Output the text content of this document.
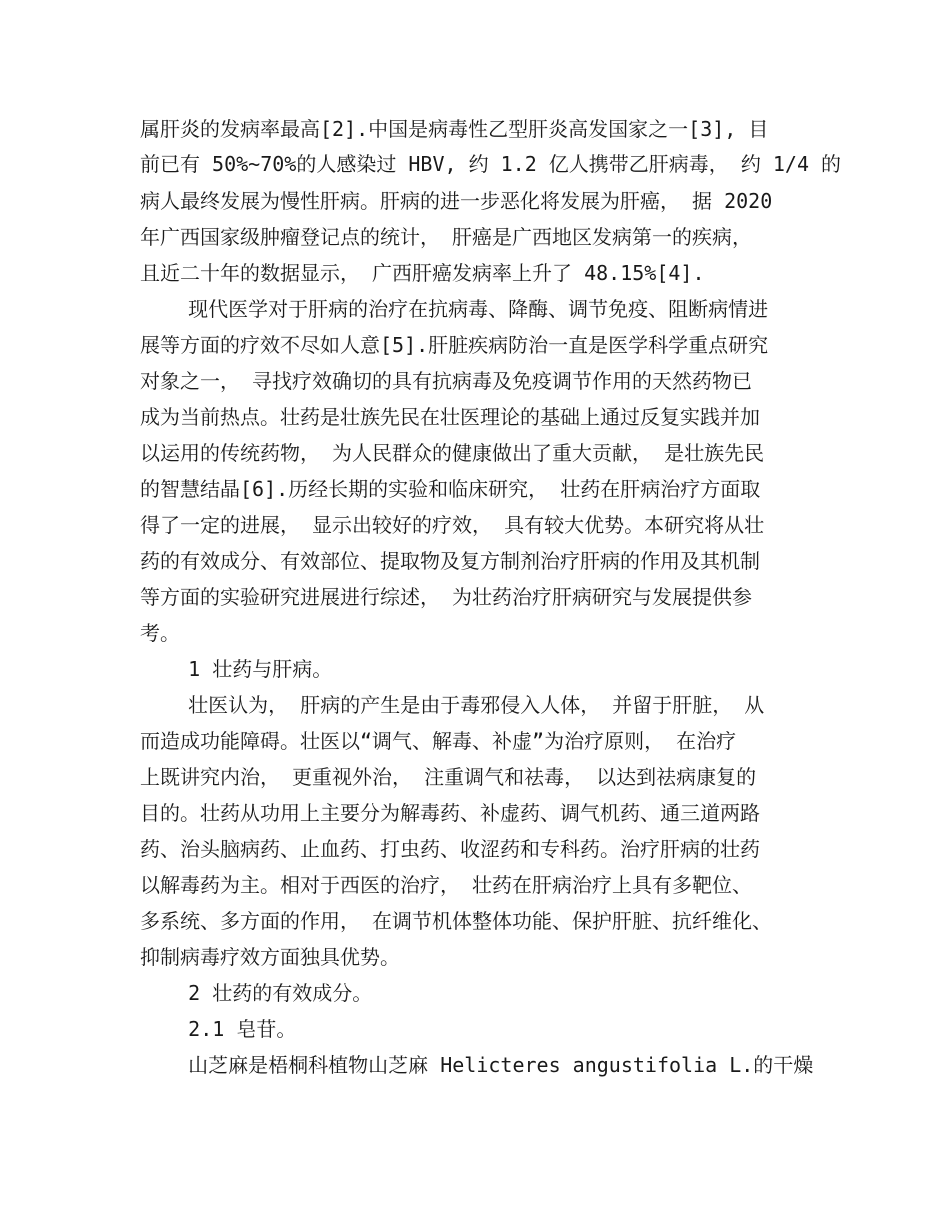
属肝炎的发病率最高[2].中国是病毒性乙型肝炎高发国家之一[3], 目
前已有 50%~70%的人感染过 HBV, 约 1.2 亿人携带乙肝病毒， 约 1/4 的
病人最终发展为慢性肝病。肝病的进一步恶化将发展为肝癌， 据 2020
年广西国家级肿瘤登记点的统计， 肝癌是广西地区发病第一的疾病，
且近二十年的数据显示， 广西肝癌发病率上升了 48.15%[4].
现代医学对于肝病的治疗在抗病毒、降酶、调节免疫、阻断病情进
展等方面的疗效不尽如人意[5].肝脏疾病防治一直是医学科学重点研究
对象之一， 寻找疗效确切的具有抗病毒及免疫调节作用的天然药物已
成为当前热点。壮药是壮族先民在壮医理论的基础上通过反复实践并加
以运用的传统药物， 为人民群众的健康做出了重大贡献， 是壮族先民
的智慧结晶[6].历经长期的实验和临床研究， 壮药在肝病治疗方面取
得了一定的进展， 显示出较好的疗效， 具有较大优势。本研究将从壮
药的有效成分、有效部位、提取物及复方制剂治疗肝病的作用及其机制
等方面的实验研究进展进行综述， 为壮药治疗肝病研究与发展提供参
考。
1 壮药与肝病。
壮医认为， 肝病的产生是由于毒邪侵入人体， 并留于肝脏， 从
而造成功能障碍。壮医以“调气、解毒、补虚”为治疗原则， 在治疗
上既讲究内治， 更重视外治， 注重调气和祛毒， 以达到祛病康复的
目的。壮药从功用上主要分为解毒药、补虚药、调气机药、通三道两路
药、治头脑病药、止血药、打虫药、收涩药和专科药。治疗肝病的壮药
以解毒药为主。相对于西医的治疗， 壮药在肝病治疗上具有多靶位、
多系统、多方面的作用， 在调节机体整体功能、保护肝脏、抗纤维化、
抑制病毒疗效方面独具优势。
2 壮药的有效成分。
2.1 皂苷。
山芝麻是梧桐科植物山芝麻 Helicteres angustifolia L.的干燥
